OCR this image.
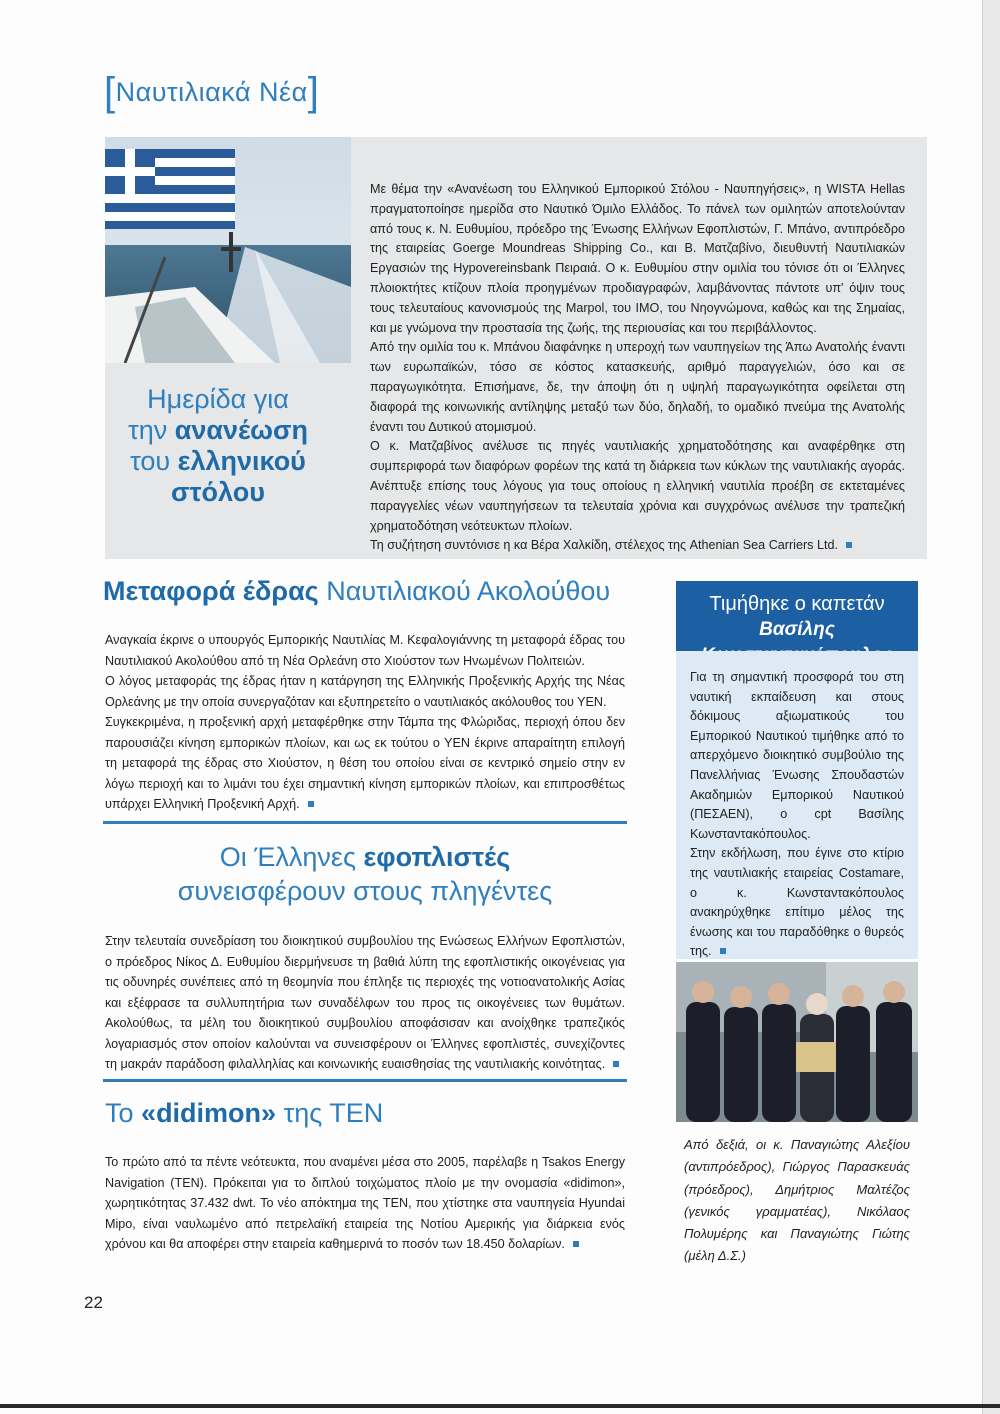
[Ναυτιλιακά Νέα]
Ημερίδα για
την ανανέωση
του ελληνικού
στόλου

Με θέμα την «Ανανέωση του Ελληνικού Εμπορικού Στόλου - Ναυπηγήσεις», η WISTA Hellas πραγματοποίησε ημερίδα στο Ναυτικό Όμιλο Ελλάδος. Το πάνελ των ομιλητών αποτελούνταν από τους κ. Ν. Ευθυμίου, πρόεδρο της Ένωσης Ελλήνων Εφοπλιστών, Γ. Μπάνο, αντιπρόεδρο της εταιρείας Goerge Moundreas Shipping Co., και Β. Ματζαβίνο, διευθυντή Ναυτιλιακών Εργασιών της Hypovereinsbank Πειραιά. Ο κ. Ευθυμίου στην ομιλία του τόνισε ότι οι Έλληνες πλοιοκτήτες κτίζουν πλοία προηγμένων προδιαγραφών, λαμβάνοντας πάντοτε υπ' όψιν τους τους τελευταίους κανονισμούς της Marpol, του IMO, του Νηογνώμονα, καθώς και της Σημαίας, και με γνώμονα την προστασία της ζωής, της περιουσίας και του περιβάλλοντος.

Από την ομιλία του κ. Μπάνου διαφάνηκε η υπεροχή των ναυπηγείων της Άπω Ανατολής έναντι των ευρωπαϊκών, τόσο σε κόστος κατασκευής, αριθμό παραγγελιών, όσο και σε παραγωγικότητα. Επισήμανε, δε, την άποψη ότι η υψηλή παραγωγικότητα οφείλεται στη διαφορά της κοινωνικής αντίληψης μεταξύ των δύο, δηλαδή, το ομαδικό πνεύμα της Ανατολής έναντι του Δυτικού ατομισμού.

Ο κ. Ματζαβίνος ανέλυσε τις πηγές ναυτιλιακής χρηματοδότησης και αναφέρθηκε στη συμπεριφορά των διαφόρων φορέων της κατά τη διάρκεια των κύκλων της ναυτιλιακής αγοράς. Ανέπτυξε επίσης τους λόγους για τους οποίους η ελληνική ναυτιλία προέβη σε εκτεταμένες παραγγελίες νέων ναυπηγήσεων τα τελευταία χρόνια και συγχρόνως ανέλυσε την τραπεζική χρηματοδότηση νεότευκτων πλοίων.

Τη συζήτηση συντόνισε η κα Βέρα Χαλκίδη, στέλεχος της Athenian Sea Carriers Ltd.

Μεταφορά έδρας Ναυτιλιακού Ακολούθου

Αναγκαία έκρινε ο υπουργός Εμπορικής Ναυτιλίας Μ. Κεφαλογιάννης τη μεταφορά έδρας του Ναυτιλιακού Ακολούθου από τη Νέα Ορλεάνη στο Χιούστον των Ηνωμένων Πολιτειών.

Ο λόγος μεταφοράς της έδρας ήταν η κατάργηση της Ελληνικής Προξενικής Αρχής της Νέας Ορλεάνης με την οποία συνεργαζόταν και εξυπηρετείτο ο ναυτιλιακός ακόλουθος του ΥΕΝ.

Συγκεκριμένα, η προξενική αρχή μεταφέρθηκε στην Τάμπα της Φλώριδας, περιοχή όπου δεν παρουσιάζει κίνηση εμπορικών πλοίων, και ως εκ τούτου ο ΥΕΝ έκρινε απαραίτητη επιλογή τη μεταφορά της έδρας στο Χιούστον, η θέση του οποίου είναι σε κεντρικό σημείο στην εν λόγω περιοχή και το λιμάνι του έχει σημαντική κίνηση εμπορικών πλοίων, και επιπροσθέτως υπάρχει Ελληνική Προξενική Αρχή.

Οι Έλληνες εφοπλιστές
συνεισφέρουν στους πληγέντες

Στην τελευταία συνεδρίαση του διοικητικού συμβουλίου της Ενώσεως Ελλήνων Εφοπλιστών, ο πρόεδρος Νίκος Δ. Ευθυμίου διερμήνευσε τη βαθιά λύπη της εφοπλιστικής οικογένειας για τις οδυνηρές συνέπειες από τη θεομηνία που έπληξε τις περιοχές της νοτιοανατολικής Ασίας και εξέφρασε τα συλλυπητήρια των συναδέλφων του προς τις οικογένειες των θυμάτων. Ακολούθως, τα μέλη του διοικητικού συμβουλίου αποφάσισαν και ανοίχθηκε τραπεζικός λογαριασμός στον οποίον καλούνται να συνεισφέρουν οι Έλληνες εφοπλιστές, συνεχίζοντες τη μακράν παράδοση φιλαλληλίας και κοινωνικής ευαισθησίας της ναυτιλιακής κοινότητας.

Το «didimon» της ΤΕΝ

Το πρώτο από τα πέντε νεότευκτα, που αναμένει μέσα στο 2005, παρέλαβε η Tsakos Energy Navigation (TEN). Πρόκειται για το διπλού τοιχώματος πλοίο με την ονομασία «didimon», χωρητικότητας 37.432 dwt. Το νέο απόκτημα της TEN, που χτίστηκε στα ναυπηγεία Hyundai Mipo, είναι ναυλωμένο από πετρελαϊκή εταιρεία της Νοτίου Αμερικής για διάρκεια ενός χρόνου και θα αποφέρει στην εταιρεία καθημερινά το ποσόν των 18.450 δολαρίων.

Τιμήθηκε ο καπετάν
Βασίλης

Για τη σημαντική προσφορά του στη ναυτική εκπαίδευση και στους δόκιμους αξιωματικούς του Εμπορικού Ναυτικού τιμήθηκε από το απερχόμενο διοικητικό συμβούλιο της Πανελλήνιας Ένωσης Σπουδαστών Ακαδημιών Εμπορικού Ναυτικού (ΠΕΣΑΕΝ), ο cpt Βασίλης Κωνσταντακόπουλος.

Στην εκδήλωση, που έγινε στο κτίριο της ναυτιλιακής εταιρείας Costamare, ο κ. Κωνσταντακόπουλος ανακηρύχθηκε επίτιμο μέλος της ένωσης και του παραδόθηκε ο θυρεός της.

Από δεξιά, οι κ. Παναγιώτης Αλεξίου (αντιπρόεδρος), Γιώργος Παρασκευάς (πρόεδρος), Δημήτριος Μαλτέζος (γενικός γραμματέας), Νικόλαος Πολυμέρης και Παναγιώτης Γιώτης (μέλη Δ.Σ.)
22
